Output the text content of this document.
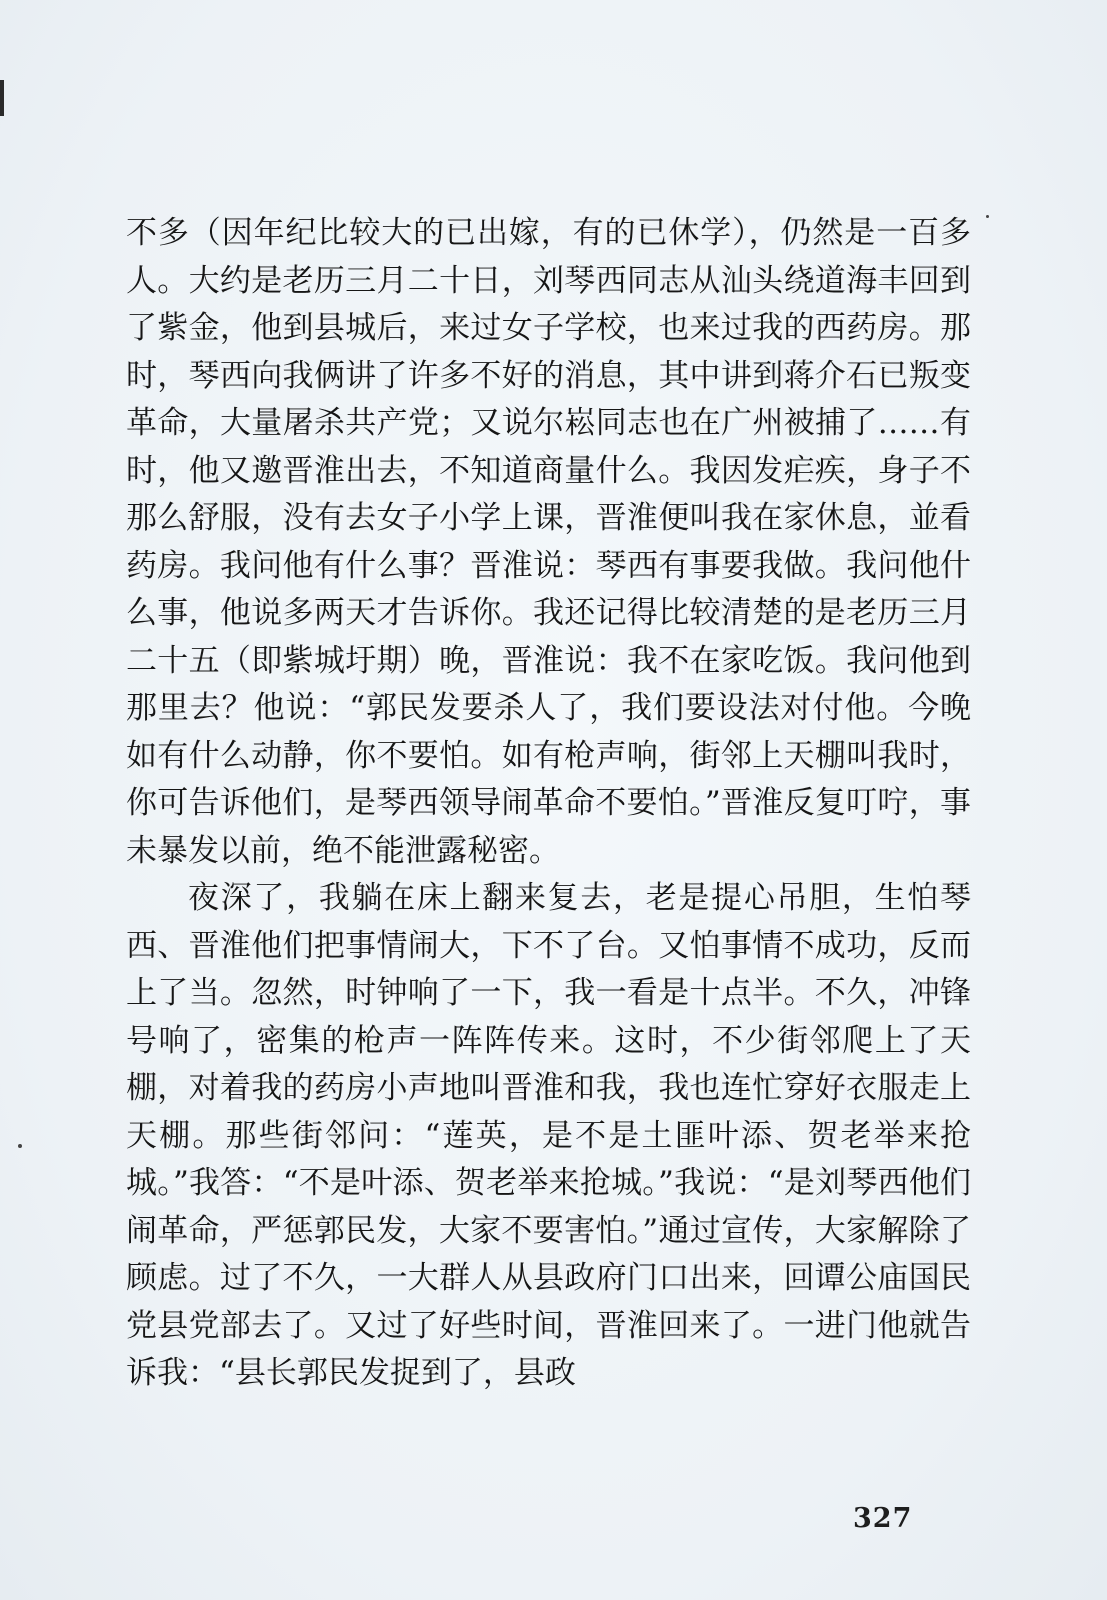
不多（因年纪比较大的已出嫁，有的已休学），仍然是一百多人。大约是老历三月二十日，刘琴西同志从汕头绕道海丰回到了紫金，他到县城后，来过女子学校，也来过我的西药房。那时，琴西向我俩讲了许多不好的消息，其中讲到蒋介石已叛变革命，大量屠杀共产党；又说尔崧同志也在广州被捕了……有时，他又邀晋淮出去，不知道商量什么。我因发疟疾，身子不那么舒服，没有去女子小学上课，晋淮便叫我在家休息，並看药房。我问他有什么事？晋淮说：琴西有事要我做。我问他什么事，他说多两天才告诉你。我还记得比较清楚的是老历三月二十五（即紫城圩期）晚，晋淮说：我不在家吃饭。我问他到那里去？他说：“郭民发要杀人了，我们要设法对付他。今晚如有什么动静，你不要怕。如有枪声响，街邻上天棚叫我时，你可告诉他们，是琴西领导闹革命不要怕。”晋淮反复叮咛，事未暴发以前，绝不能泄露秘密。

夜深了，我躺在床上翻来复去，老是提心吊胆，生怕琴西、晋淮他们把事情闹大，下不了台。又怕事情不成功，反而上了当。忽然，时钟响了一下，我一看是十点半。不久，冲锋号响了，密集的枪声一阵阵传来。这时，不少街邻爬上了天棚，对着我的药房小声地叫晋淮和我，我也连忙穿好衣服走上天棚。那些街邻问：“莲英，是不是土匪叶添、贺老举来抢城。”我答：“不是叶添、贺老举来抢城。”我说：“是刘琴西他们闹革命，严惩郭民发，大家不要害怕。”通过宣传，大家解除了顾虑。过了不久，一大群人从县政府门口出来，回谭公庙国民党县党部去了。又过了好些时间，晋淮回来了。一进门他就告诉我：“县长郭民发捉到了，县政

327
